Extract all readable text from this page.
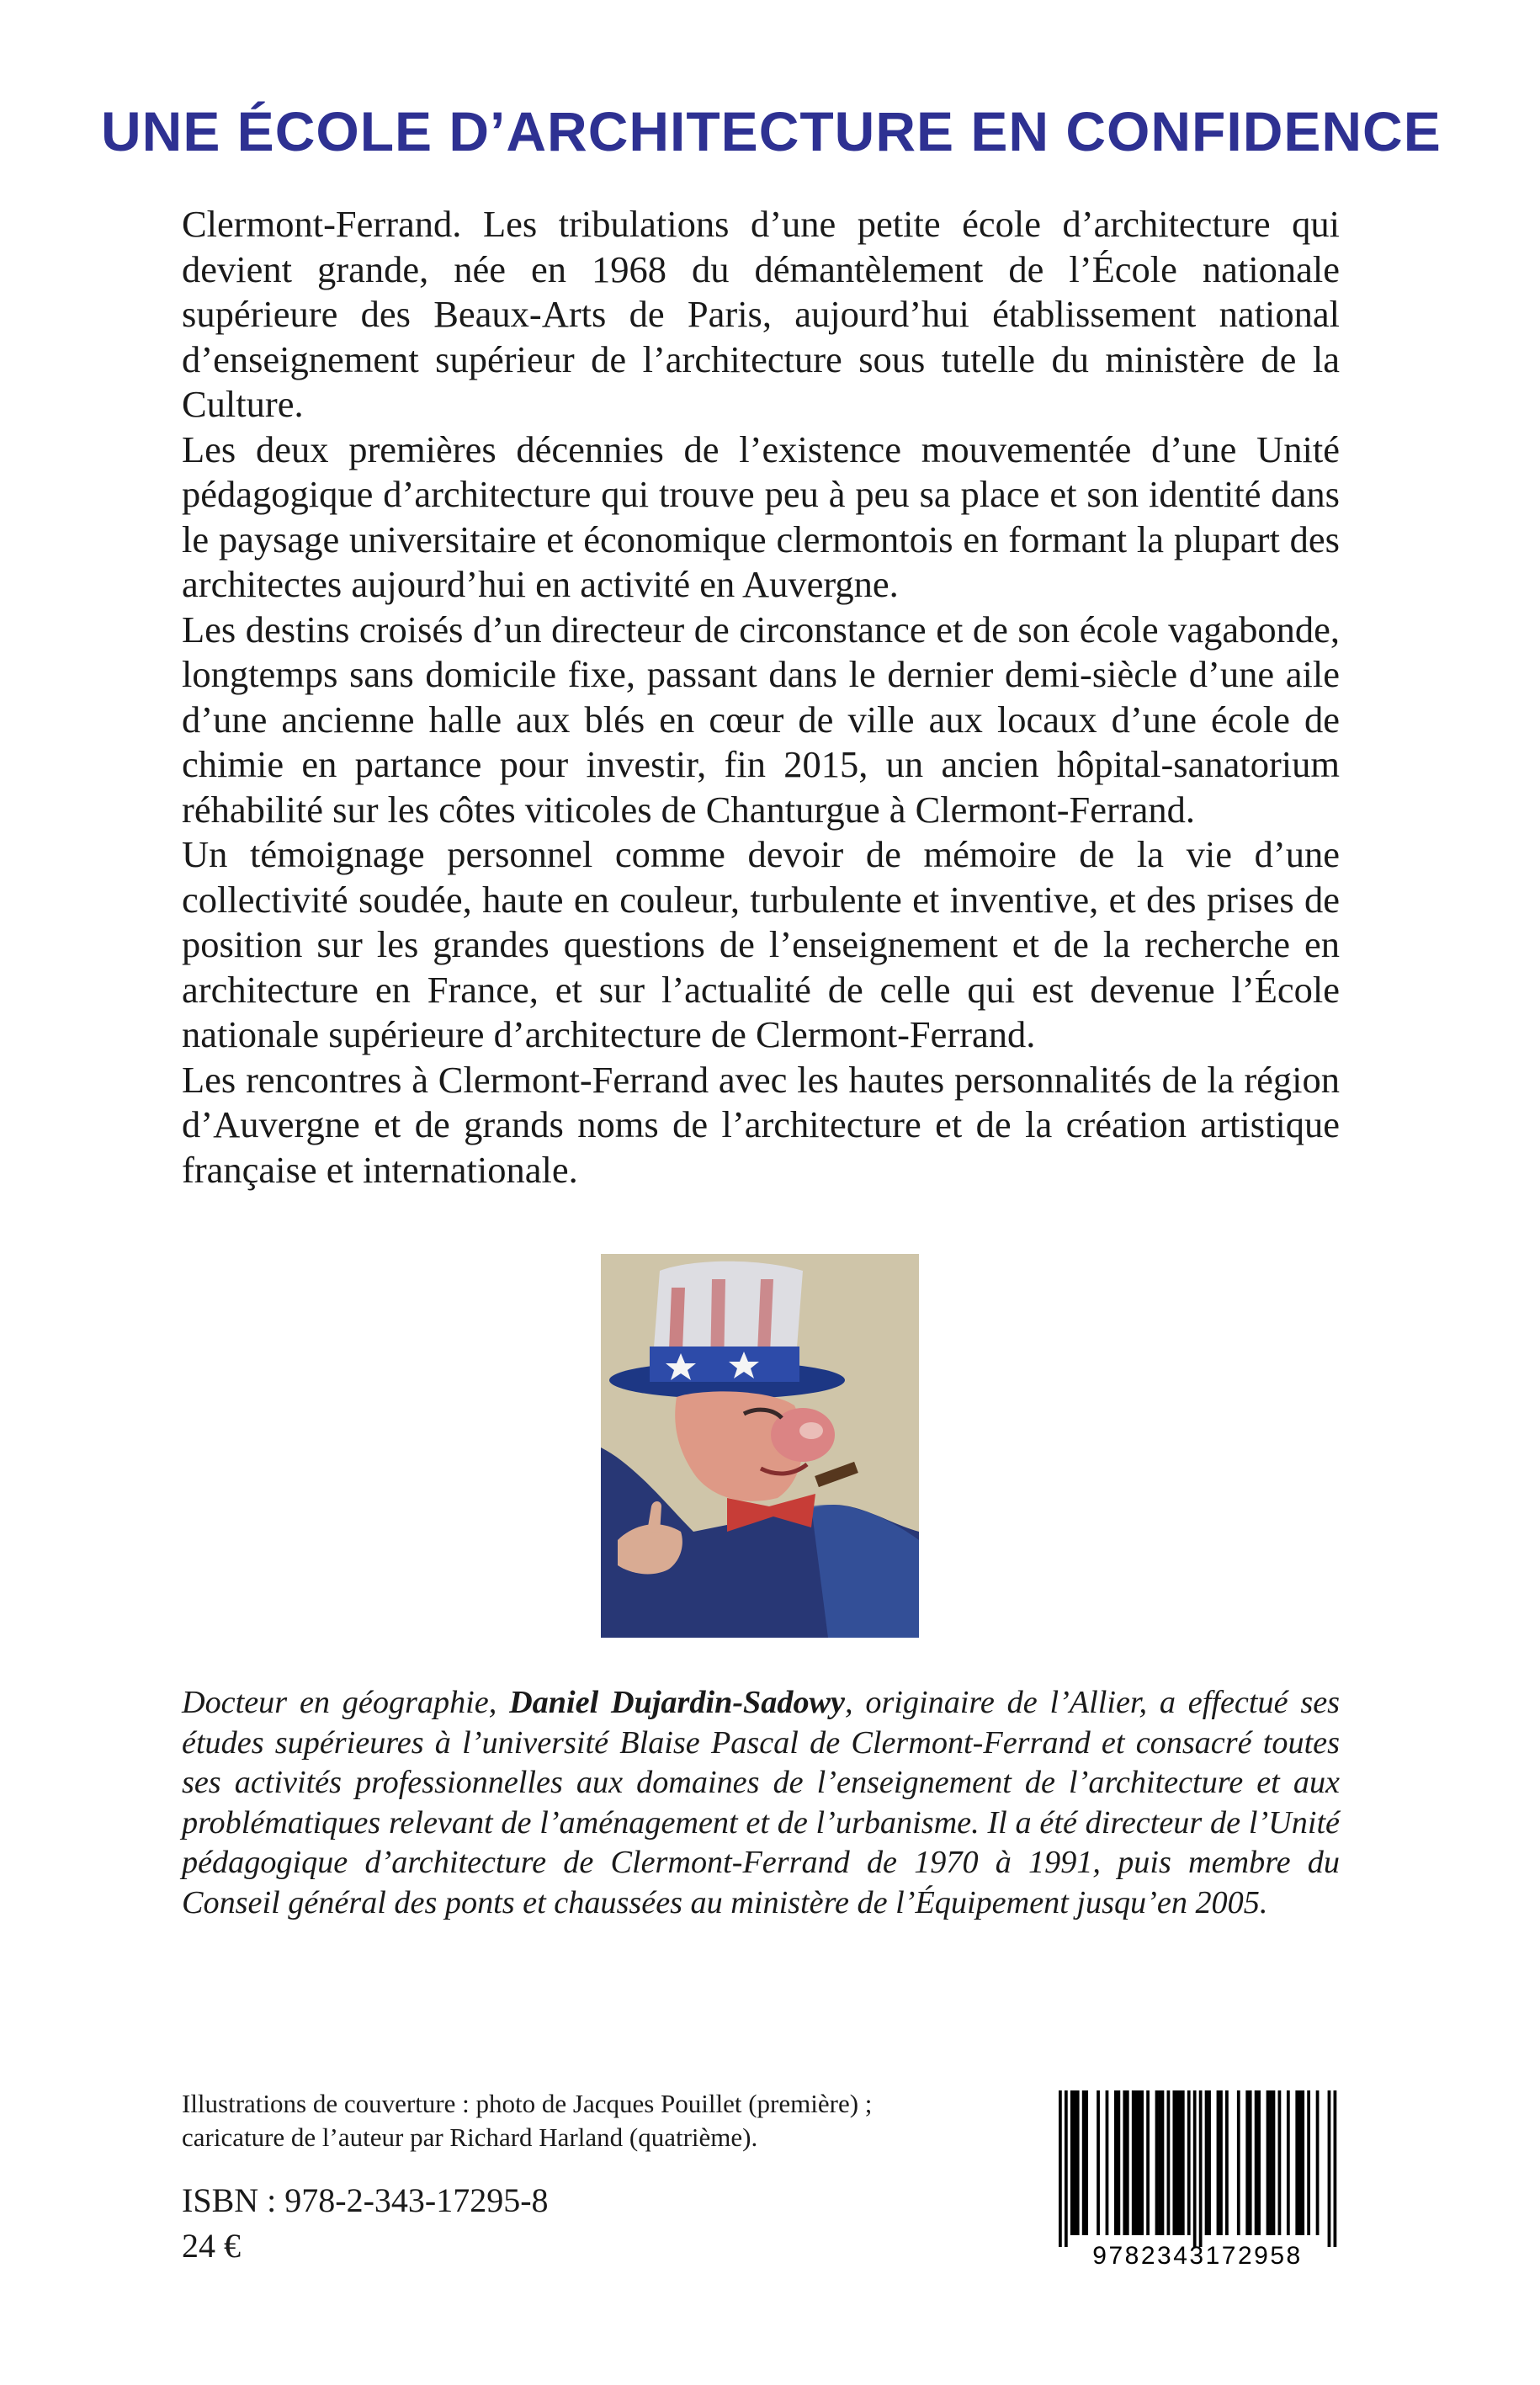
UNE ÉCOLE D’ARCHITECTURE EN CONFIDENCE

Clermont-Ferrand. Les tribulations d’une petite école d’architecture qui devient grande, née en 1968 du démantèlement de l’École nationale supérieure des Beaux-Arts de Paris, aujourd’hui établissement national d’enseignement supérieur de l’architecture sous tutelle du ministère de la Culture.

Les deux premières décennies de l’existence mouvementée d’une Unité pédagogique d’architecture qui trouve peu à peu sa place et son identité dans le paysage universitaire et économique clermontois en formant la plupart des architectes aujourd’hui en activité en Auvergne.

Les destins croisés d’un directeur de circonstance et de son école vagabonde, longtemps sans domicile fixe, passant dans le dernier demi-siècle d’une aile d’une ancienne halle aux blés en cœur de ville aux locaux d’une école de chimie en partance pour investir, fin 2015, un ancien hôpital-sanatorium réhabilité sur les côtes viticoles de Chanturgue à Clermont-Ferrand.

Un témoignage personnel comme devoir de mémoire de la vie d’une collectivité soudée, haute en couleur, turbulente et inventive, et des prises de position sur les grandes questions de l’enseignement et de la recherche en architecture en France, et sur l’actualité de celle qui est devenue l’École nationale supérieure d’architecture de Clermont-Ferrand.

Les rencontres à Clermont-Ferrand avec les hautes personnalités de la région d’Auvergne et de grands noms de l’architecture et de la création artistique française et internationale.

Docteur en géographie, Daniel Dujardin-Sadowy, originaire de l’Allier, a effectué ses études supérieures à l’université Blaise Pascal de Clermont-Ferrand et consacré toutes ses activités professionnelles aux domaines de l’enseignement de l’architecture et aux problématiques relevant de l’aménagement et de l’urbanisme. Il a été directeur de l’Unité pédagogique d’architecture de Clermont-Ferrand de 1970 à 1991, puis membre du Conseil général des ponts et chaussées au ministère de l’Équipement jusqu’en 2005.
Illustrations de couverture : photo de Jacques Pouillet (première) ;
caricature de l’auteur par Richard Harland (quatrième).
ISBN : 978-2-343-17295-8
24 €	9782343172958
